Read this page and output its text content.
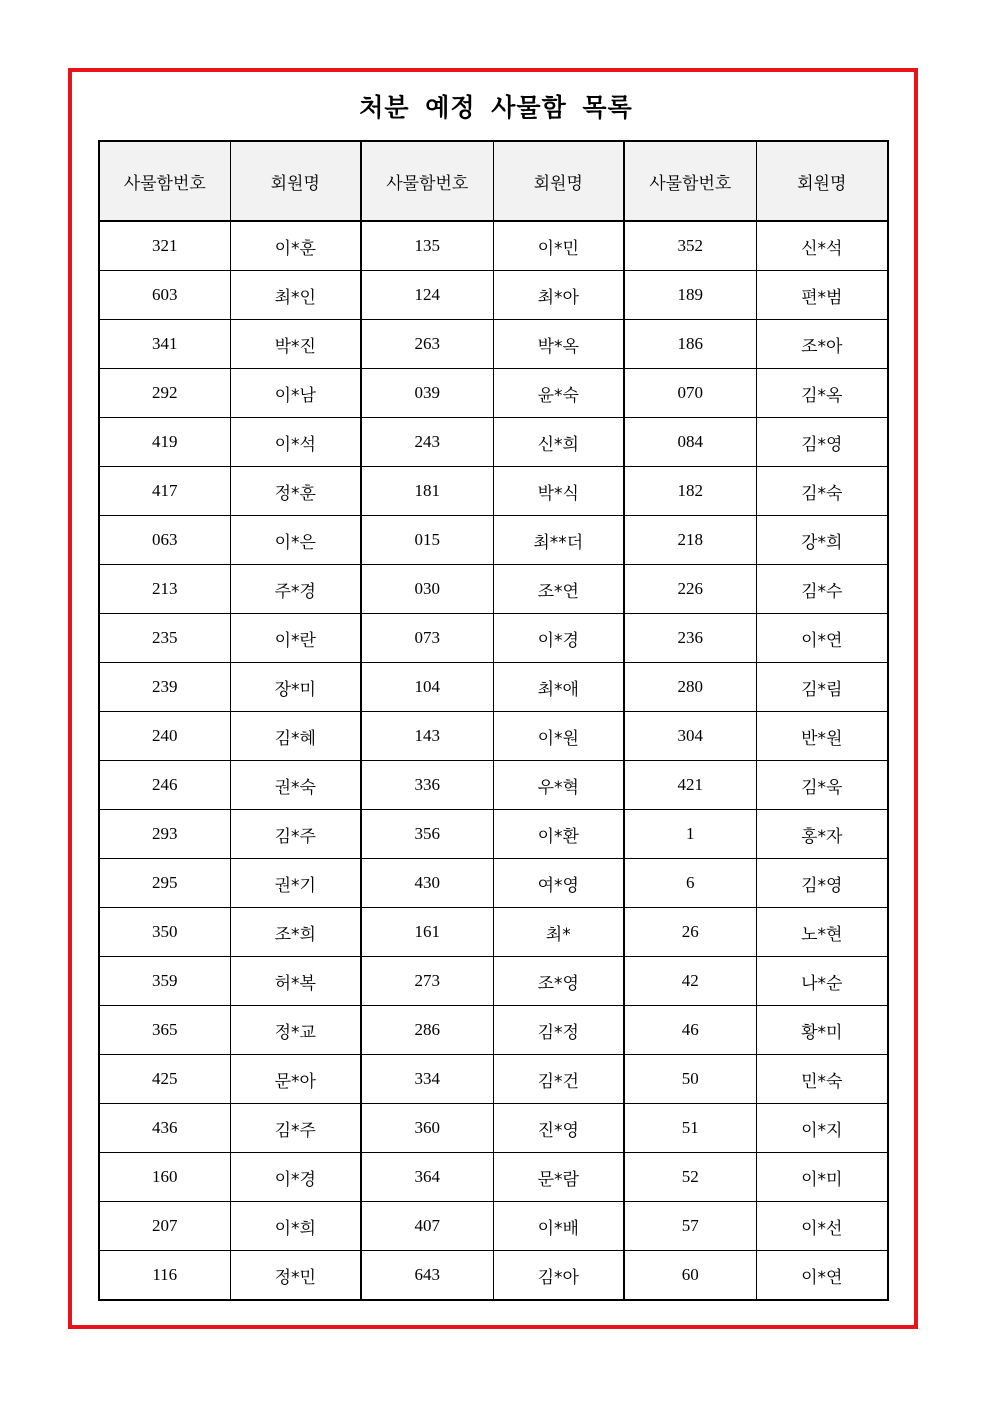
처분 예정 사물함 목록
사물함번호	회원명	사물함번호	회원명	사물함번호	회원명
321	이*훈	135	이*민	352	신*석
603	최*인	124	최*아	189	편*범
341	박*진	263	박*옥	186	조*아
292	이*남	039	윤*숙	070	김*옥
419	이*석	243	신*희	084	김*영
417	정*훈	181	박*식	182	김*숙
063	이*은	015	최**더	218	강*희
213	주*경	030	조*연	226	김*수
235	이*란	073	이*경	236	이*연
239	장*미	104	최*애	280	김*림
240	김*혜	143	이*원	304	반*원
246	권*숙	336	우*혁	421	김*욱
293	김*주	356	이*환	1	홍*자
295	권*기	430	여*영	6	김*영
350	조*희	161	최*	26	노*현
359	허*복	273	조*영	42	나*순
365	정*교	286	김*정	46	황*미
425	문*아	334	김*건	50	민*숙
436	김*주	360	진*영	51	이*지
160	이*경	364	문*람	52	이*미
207	이*희	407	이*배	57	이*선
116	정*민	643	김*아	60	이*연
